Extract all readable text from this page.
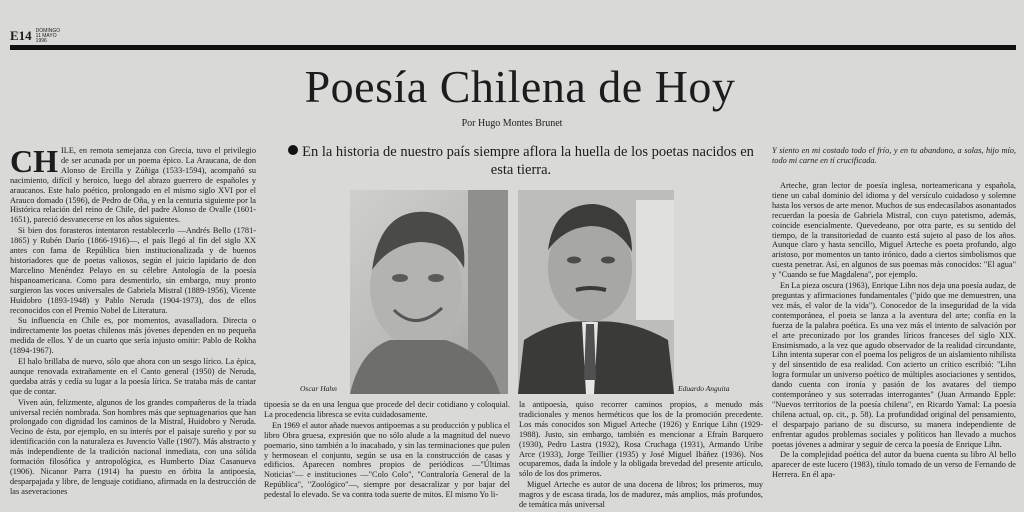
E14 DOMINGO 11 MAYO 1996
Poesía Chilena de Hoy
Por Hugo Montes Brunet
CH ILE, en remota semejanza con Grecia, tuvo el privilegio de ser acunada por un poema épico. La Araucana, de don Alonso de Ercilla y Zúñiga (1533-1594), acompañó su nacimiento, difícil y heroico, luego del abrazo guerrero de españoles y araucanos. Este halo poético, prolongado en el mismo siglo XVI por el Arauco domado (1596), de Pedro de Oña, y en la centuria siguiente por la Histórica relación del reino de Chile, del padre Alonso de Ovalle (1601-1651), pareció desvanecerse en los años siguientes.

Si bien dos forasteros intentaron restablecerlo —Andrés Bello (1781-1865) y Rubén Darío (1866-1916)—, el país llegó al fin del siglo XX antes con fama de República bien institucionalizada y de buenos historiadores que de poetas valiosos, según el juicio lapidario de don Marcelino Menéndez Pelayo en su célebre Antología de la poesía hispanoamericana. Como para desmentirlo, sin embargo, muy pronto surgieron las voces universales de Gabriela Mistral (1889-1956), Vicente Huidobro (1893-1948) y Pablo Neruda (1904-1973), dos de ellos reconocidos con el Premio Nobel de Literatura.

Su influencia en Chile es, por momentos, avasalladora. Directa o indirectamente los poetas chilenos más jóvenes dependen en no pequeña medida de ellos. Y de un cuarto que sería injusto omitir: Pablo de Rokha (1894-1967).

El halo brillaba de nuevo, sólo que ahora con un sesgo lírico. La épica, aunque renovada extrañamente en el Canto general (1950) de Neruda, quedaba atrás y cedía su lugar a la poesía lírica. Se trataba más de cantar que de contar.

Viven aún, felizmente, algunos de los grandes compañeros de la tríada universal recién nombrada. Son hombres más que septuagenarios que han prolongado con dignidad los caminos de la Mistral, Huidobro y Neruda. Vecino de ésta, por ejemplo, en su interés por el paisaje sureño y por su identificación con la naturaleza es Juvencio Valle (1907). Más abstracto y más independiente de la tradición nacional inmediata, con una sólida formación filosófica y antropológica, es Humberto Díaz Casanueva (1906). Nicanor Parra (1914) ha puesto en órbita la antipoesía, desparpajada y libre, de lenguaje cotidiano, afirmada en la destrucción de las aseveraciones

En la historia de nuestro país siempre aflora la huella de los poetas nacidos en esta tierra.
Oscar Hahn	Eduardo Anguita

tipoesía se da en una lengua que procede del decir cotidiano y coloquial. La procedencia libresca se evita cuidadosamente.

En 1969 el autor añade nuevos antipoemas a su producción y publica el libro Obra gruesa, expresión que no sólo alude a la magnitud del nuevo poemario, sino también a lo inacabado, y sin las terminaciones que pulen y hermosean el conjunto, según se usa en la construcción de casas y edificios. Aparecen nombres propios de periódicos —"Últimas Noticias"— e instituciones —"Colo Colo", "Contraloría General de la República", "Zoológico"—, siempre por desacralizar y por bajar del pedestal lo elevado. Se va contra toda suerte de mitos. El mismo Yo li-

la antipoesía, quiso recorrer caminos propios, a menudo más tradicionales y menos herméticos que los de la promoción precedente. Los más conocidos son Miguel Arteche (1926) y Enrique Lihn (1929-1988). Justo, sin embargo, también es mencionar a Efraín Barquero (1930), Pedro Lastra (1932), Rosa Cruchaga (1931), Armando Uribe Arce (1933), Jorge Teillier (1935) y José Miguel Ibáñez (1936). Nos ocuparemos, dada la índole y la obligada brevedad del presente artículo, sólo de los dos primeros.

Miguel Arteche es autor de una docena de libros; los primeros, muy magros y de escasa tirada, los de madurez, más amplios, más profundos, de temática más universal

Y siento en mi costado todo el frío, y en tu abandono, a solas, hijo mío, todo mi carne en tí crucificada.

Arteche, gran lector de poesía inglesa, norteamericana y española, tiene un cabal dominio del idioma y del versículo cuidadoso y solemne hasta los versos de arte menor. Muchos de sus endecasílabos asonantados recuerdan la poesía de Gabriela Mistral, con cuyo patetismo, además, coincide esencialmente. Quevedeano, por otra parte, es su sentido del tiempo, de la transitoriedad de cuanto está sujeto al paso de los años. Aunque claro y hasta sencillo, Miguel Arteche es poeta profundo, algo aristoso, por momentos un tanto irónico, dado a ciertos simbolismos que cuesta penetrar. Así, en algunos de sus poemas más conocidos: "El agua" y "Cuando se fue Magdalena", por ejemplo.

En La pieza oscura (1963), Enrique Lihn nos deja una poesía audaz, de preguntas y afirmaciones fundamentales ("pido que me demuestren, una vez más, el valor de la vida"). Conocedor de la inseguridad de la vida contemporánea, el poeta se lanza a la aventura del arte; confía en la fuerza de la palabra poética. Es una vez más el intento de salvación por el arte preconizado por los grandes líricos franceses del siglo XIX. Ensimismado, a la vez que agudo observador de la realidad circundante, Lihn intenta superar con el poema los peligros de un aislamiento nihilista y del sinsentido de esa realidad. Con acierto un crítico escribió: "Lihn logra formular un universo poético de múltiples asociaciones y sentidos, dando cuenta con ironía y pasión de los avatares del tiempo contemporáneo y sus soterradas interrogantes" (Juan Armando Epple: "Nuevos territorios de la poesía chilena", en Ricardo Yamal: La poesía chilena actual, op. cit., p. 58). La profundidad original del pensamiento, el desparpajo pariano de su discurso, su manera independiente de enfrentar agudos problemas sociales y políticos han llevado a muchos poetas jóvenes a admirar y seguir de cerca la poesía de Enrique Lihn.

De la complejidad poética del autor da buena cuenta su libro Al bello aparecer de este lucero (1983), título tomado de un verso de Fernando de Herrera. En él apa-
